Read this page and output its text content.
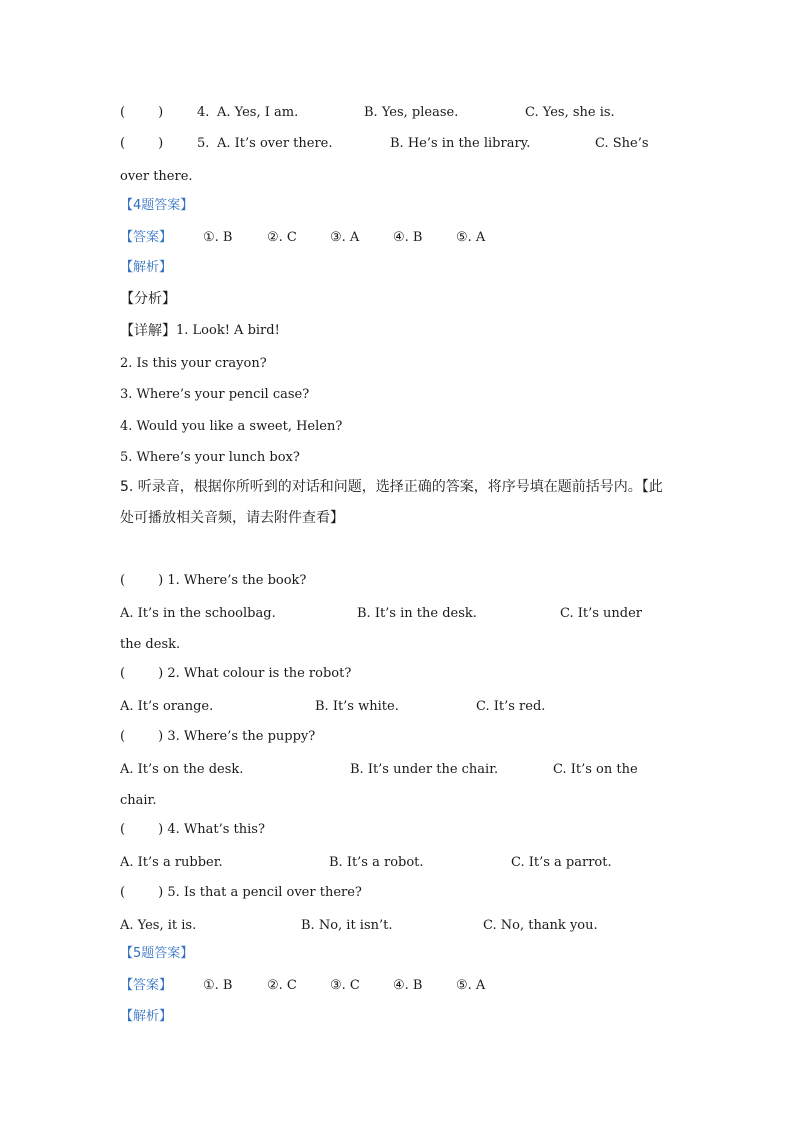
(        )	4. A. Yes, I am.	B. Yes, please.	C. Yes, she is.
(        )	5. A. It’s over there.	B. He’s in the library.	C. She’s
over there.
【4题答案】
【答案】 ①. B	②. C	③. A	④. B	⑤. A
【解析】
【分析】
【详解】 1. Look! A bird!
2. Is this your crayon?
3. Where’s your pencil case?
4. Would you like a sweet, Helen?
5. Where’s your lunch box?
5. 听录音，根据你所听到的对话和问题，选择正确的答案，将序号填在题前括号内。【此
处可播放相关音频，请去附件查看】
(        ) 1. Where’s the book?
A. It’s in the schoolbag.	B. It’s in the desk.	C. It’s under
the desk.
(        ) 2. What colour is the robot?
A. It’s orange.	B. It’s white.	C. It’s red.
(        ) 3. Where’s the puppy?
A. It’s on the desk.	B. It’s under the chair.	C. It’s on the
chair.
(        ) 4. What’s this?
A. It’s a rubber.	B. It’s a robot.	C. It’s a parrot.
(        ) 5. Is that a pencil over there?
A. Yes, it is.	B. No, it isn’t.	C. No, thank you.
【5题答案】
【答案】 ①. B	②. C	③. C	④. B	⑤. A
【解析】
